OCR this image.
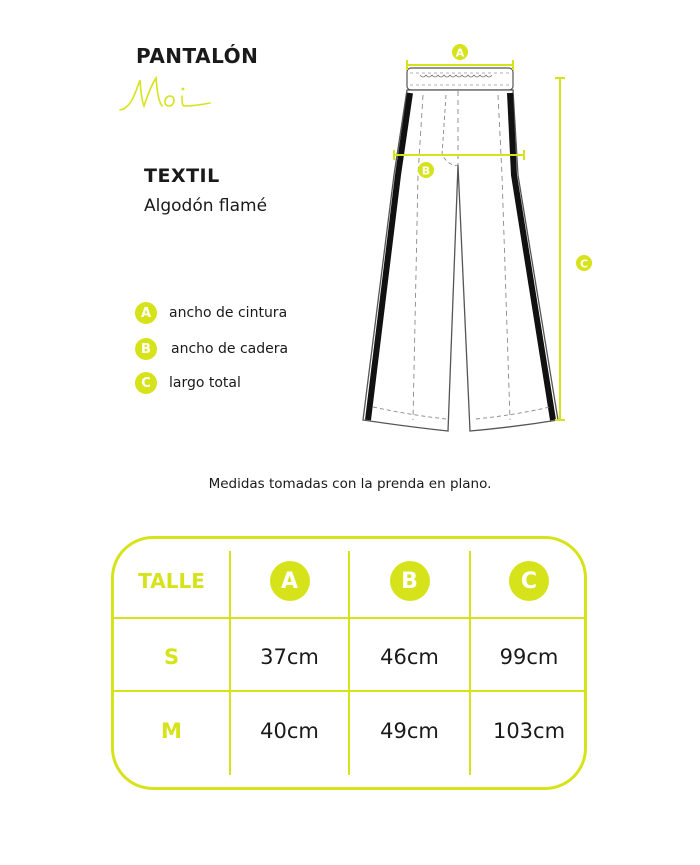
PANTALÓN
TEXTIL
Algodón flamé
A	ancho de cintura
B	ancho de cadera
C	largo total
A
B
C
Medidas tomadas con la prenda en plano.
TALLE	A	B	C
S	37cm	46cm	99cm
M	40cm	49cm	103cm
